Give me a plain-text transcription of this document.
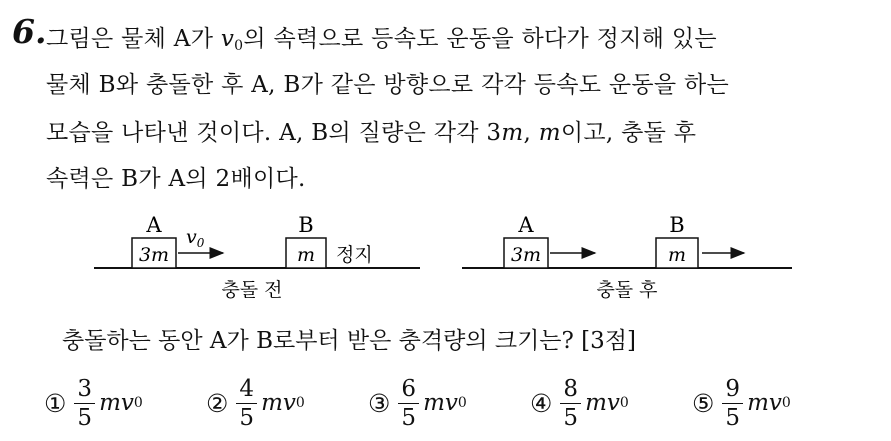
6. 그림은 물체 A가 $v_0$의 속력으로 등속도 운동을 하다가 정지해 있는
물체 B와 충돌한 후 A, B가 같은 방향으로 각각 등속도 운동을 하는
모습을 나타낸 것이다. A, B의 질량은 각각 3m, m이고, 충돌 후
속력은 B가 A의 2배이다.
A
3m
$v_0$
B
m 정지
충돌 전
A
3m
B
m
충돌 후
충돌하는 동안 A가 B로부터 받은 충격량의 크기는? [3점]
① $\frac{3}{5}$ mv 0	② $\frac{4}{5}$ mv 0	③ $\frac{6}{5}$ mv 0	④ $\frac{8}{5}$ mv 0	⑤ $\frac{9}{5}$ mv 0
